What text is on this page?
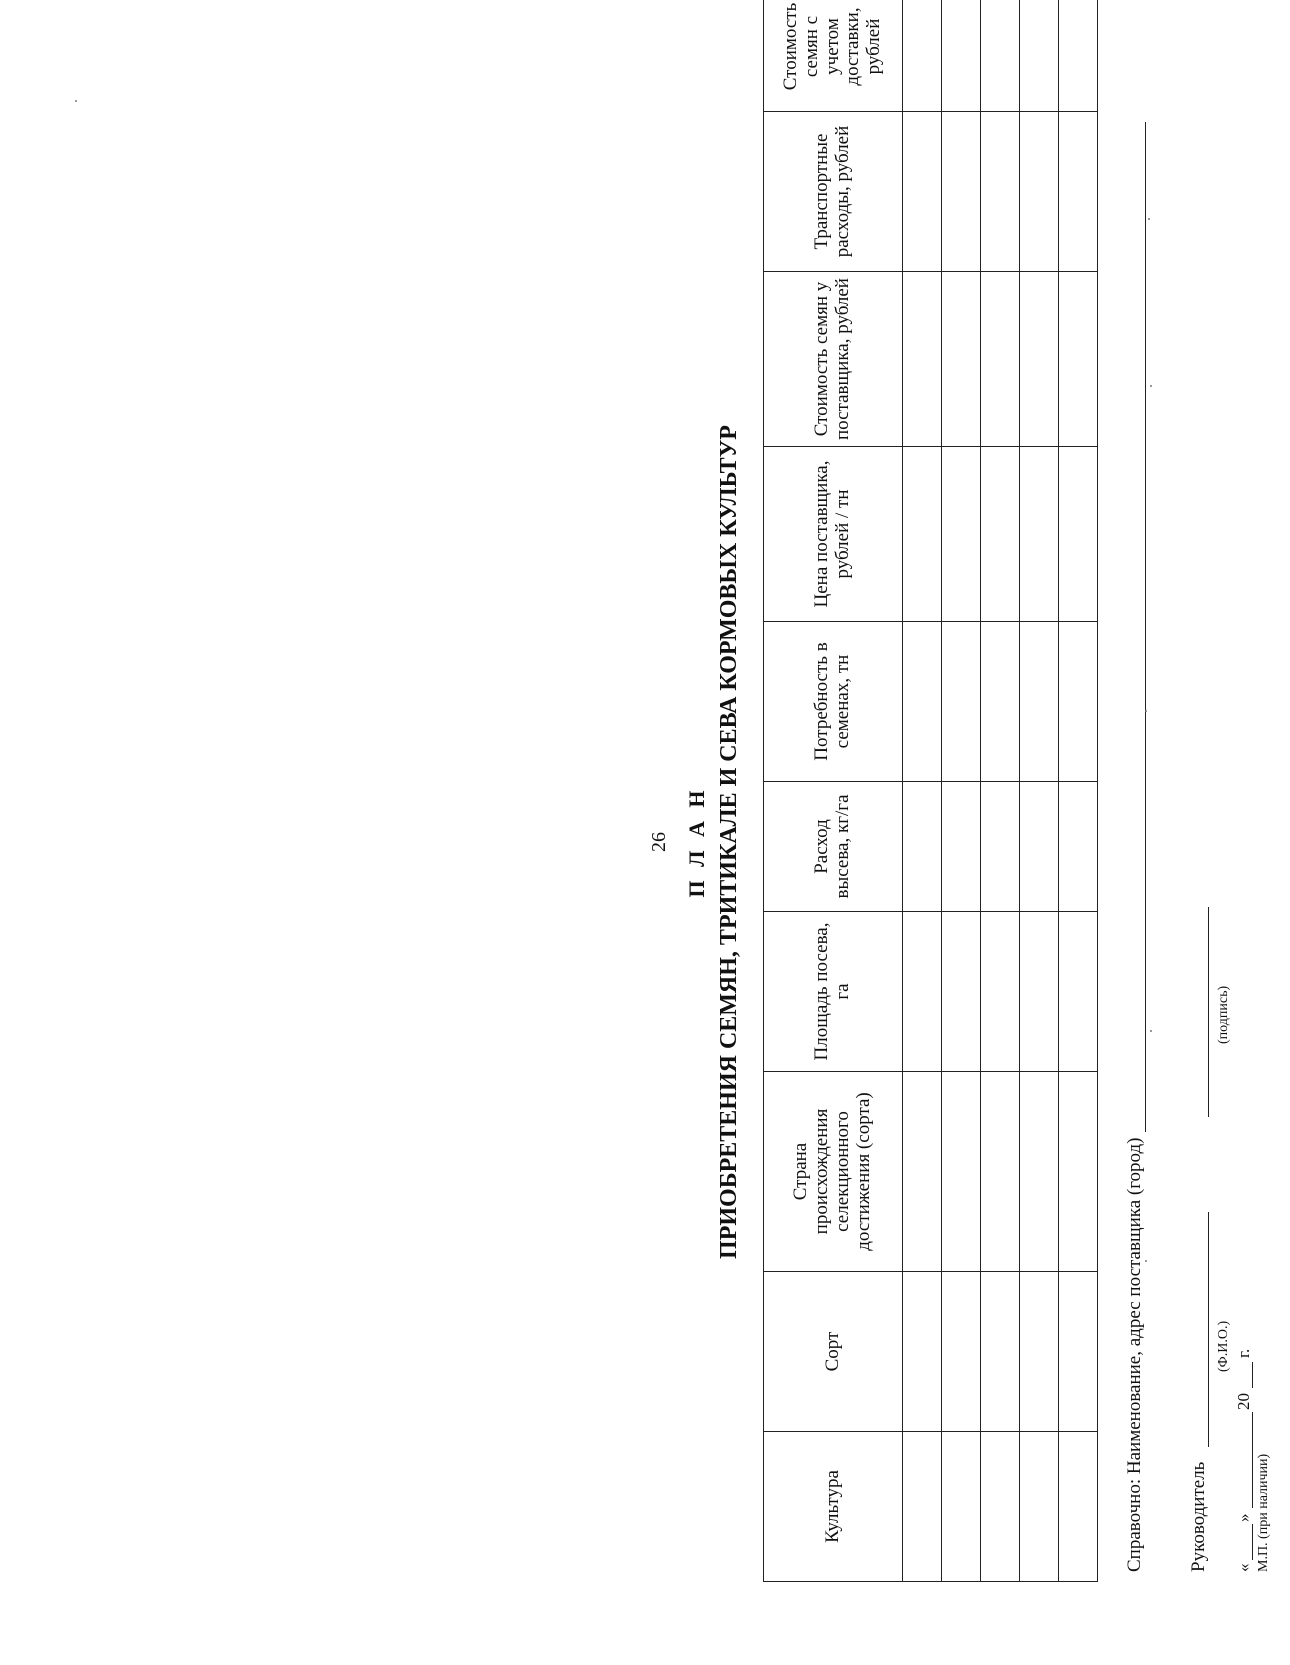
26 П Л А Н ПРИОБРЕТЕНИЯ СЕМЯН, ТРИТИКАЛЕ И СЕВА КОРМОВЫХ КУЛЬТУР
Культура	Сорт	Страна происхождения селекционного достижения (сорта)	Площадь посева, га	Расход высева, кг/га	Потребность в семенах, тн	Цена поставщика, рублей / тн	Стоимость семян у поставщика, рублей	Транспортные расходы, рублей	Стоимость семян с учетом доставки, рублей

Справочно: Наименование, адрес поставщика (город) Руководитель
(Ф.И.О.)
(подпись)
«
»
20
г.
М.П. (при наличии)
